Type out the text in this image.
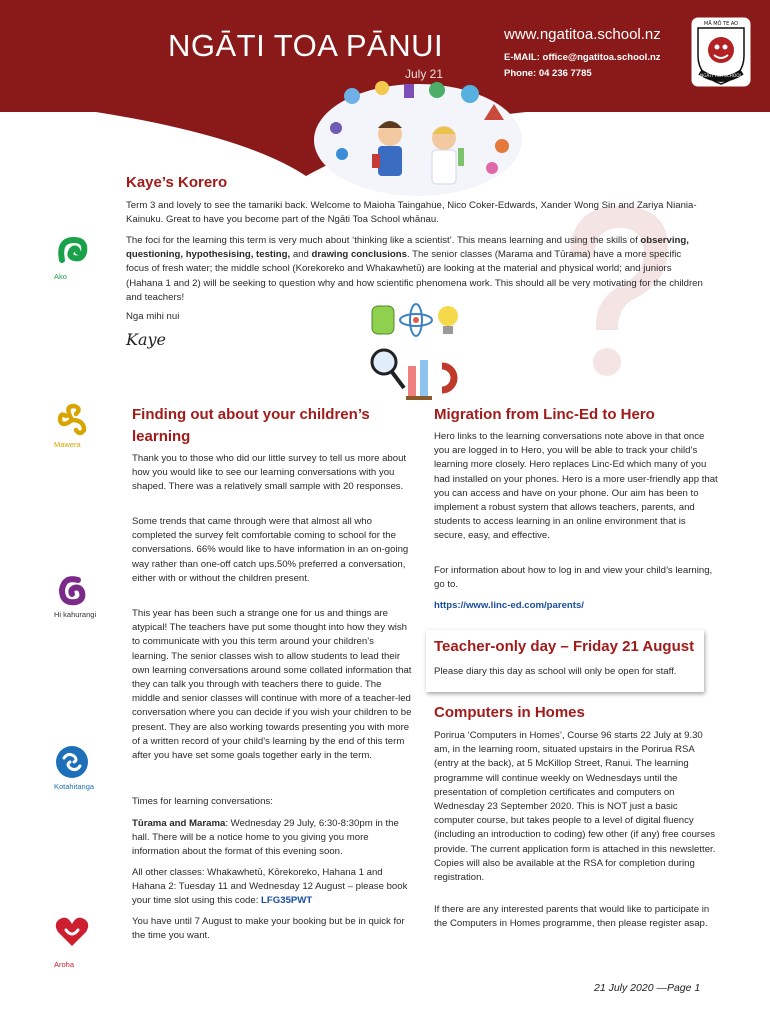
NGĀTI TOA PĀNUI
July 21
www.ngatitoa.school.nz
E-MAIL: office@ngatitoa.school.nz
Phone: 04 236 7785
MĀ MŌ TE AO
NGĀTI TOA SCHOOL
Ako
Mawera
Hi kahurangi
Kotahitanga
Aroha
Kaye’s Korero
Term 3 and lovely to see the tamariki back. Welcome to Maioha Taingahue, Nico Coker-Edwards, Xander Wong Sin and Zariya Niania-Kainuku. Great to have you become part of the Ngāti Toa School whānau.
The foci for the learning this term is very much about ‘thinking like a scientist’. This means learning and using the skills of observing, questioning, hypothesising, testing, and drawing conclusions. The senior classes (Marama and Tūrama) have a more specific focus of fresh water; the middle school (Korekoreko and Whakawhetū) are looking at the material and physical world; and juniors (Hahana 1 and 2) will be seeking to question why and how scientific phenomena work. This should all be very motivating for the children and teachers!
Nga mihi nui
Kaye
Finding out about your children’s learning
Thank you to those who did our little survey to tell us more about how you would like to see our learning conversations with you shaped. There was a relatively small sample with 20 responses.
Some trends that came through were that almost all who completed the survey felt comfortable coming to school for the conversations. 66% would like to have information in an on-going way rather than one-off catch ups.50% preferred a conversation, either with or without the children present.
This year has been such a strange one for us and things are atypical! The teachers have put some thought into how they wish to communicate with you this term around your children’s learning. The senior classes wish to allow students to lead their own learning conversations around some collated information that they can talk you through with teachers there to guide. The middle and senior classes will continue with more of a teacher-led conversation where you can decide if you wish your children to be present. They are also working towards presenting you with more of a written record of your child’s learning by the end of this term after you have set some goals together early in the term.
Times for learning conversations:
Tūrama and Marama: Wednesday 29 July, 6:30-8:30pm in the hall. There will be a notice home to you giving you more information about the format of this evening soon.
All other classes: Whakawhetū, Kōrekoreko, Hahana 1 and Hahana 2: Tuesday 11 and Wednesday 12 August – please book your time slot using this code: LFG35PWT
You have until 7 August to make your booking but be in quick for the time you want.
Migration from Linc-Ed to Hero
Hero links to the learning conversations note above in that once you are logged in to Hero, you will be able to track your child’s learning more closely. Hero replaces Linc-Ed which many of you had installed on your phones. Hero is a more user-friendly app that you can access and have on your phone. Our aim has been to implement a robust system that allows teachers, parents, and students to access learning in an online environment that is secure, easy, and effective.
For information about how to log in and view your child’s learning, go to.
https://www.linc-ed.com/parents/
Teacher-only day – Friday 21 August
Please diary this day as school will only be open for staff.
Computers in Homes
Porirua ‘Computers in Homes’, Course 96 starts 22 July at 9.30 am, in the learning room, situated upstairs in the Porirua RSA (entry at the back), at 5 McKillop Street, Ranui. The learning programme will continue weekly on Wednesdays until the presentation of completion certificates and computers on Wednesday 23 September 2020. This is NOT just a basic computer course, but takes people to a level of digital fluency (including an introduction to coding) few other (if any) free courses provide. The current application form is attached in this newsletter. Copies will also be available at the RSA for completion during registration.
If there are any interested parents that would like to participate in the Computers in Homes programme, then please register asap.
21 July 2020 —Page 1
